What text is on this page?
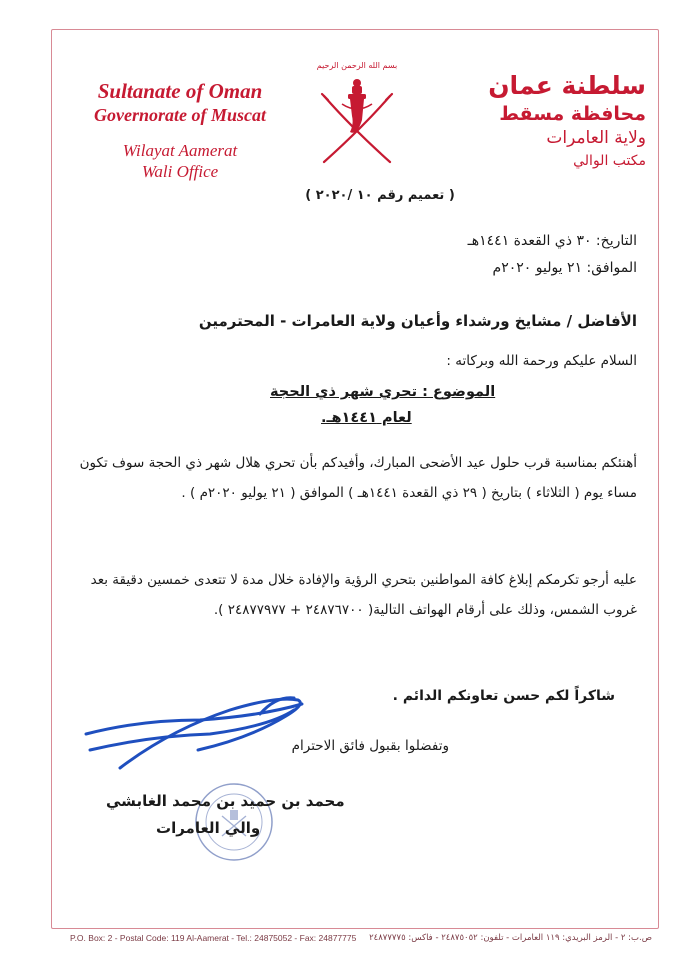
Sultanate of Oman
Governorate of Muscat
Wilayat Aamerat
Wali Office
بسم الله الرحمن الرحيم
سلطنة عمان
محافظة مسقط
ولاية العامرات
مكتب الوالي
( تعميم رقم ١٠ /٢٠٢٠ )
التاريخ: ٣٠ ذي القعدة ١٤٤١هـ
الموافق: ٢١ يوليو ٢٠٢٠م
الأفاضل / مشايخ ورشداء وأعيان ولاية العامرات - المحترمين
السلام عليكم ورحمة الله وبركاته :
الموضوع : تحري شهر ذي الحجة
لعام ١٤٤١هـ.
أهنئكم بمناسبة قرب حلول عيد الأضحى المبارك، وأفيدكم بأن تحري هلال شهر ذي الحجة سوف تكون مساء يوم ( الثلاثاء ) بتاريخ ( ٢٩ ذي القعدة ١٤٤١هـ ) الموافق ( ٢١ يوليو ٢٠٢٠م ) .
عليه أرجو تكرمكم إبلاغ كافة المواطنين بتحري الرؤية والإفادة خلال مدة لا تتعدى خمسين دقيقة بعد غروب الشمس، وذلك على أرقام الهواتف التالية( ٢٤٨٧٦٧٠٠ + ٢٤٨٧٧٩٧٧ ).
شاكراً لكم حسن تعاونكم الدائم .
وتفضلوا بقبول فائق الاحترام
محمد بن حميد بن محمد الغابشي
والي العامرات
P.O. Box: 2 - Postal Code: 119 Al-Aamerat - Tel.: 24875052 - Fax: 24877775 ص.ب: ٢ - الرمز البريدي: ١١٩ العامرات - تلفون: ٢٤٨٧٥٠٥٢ - فاكس: ٢٤٨٧٧٧٧٥
